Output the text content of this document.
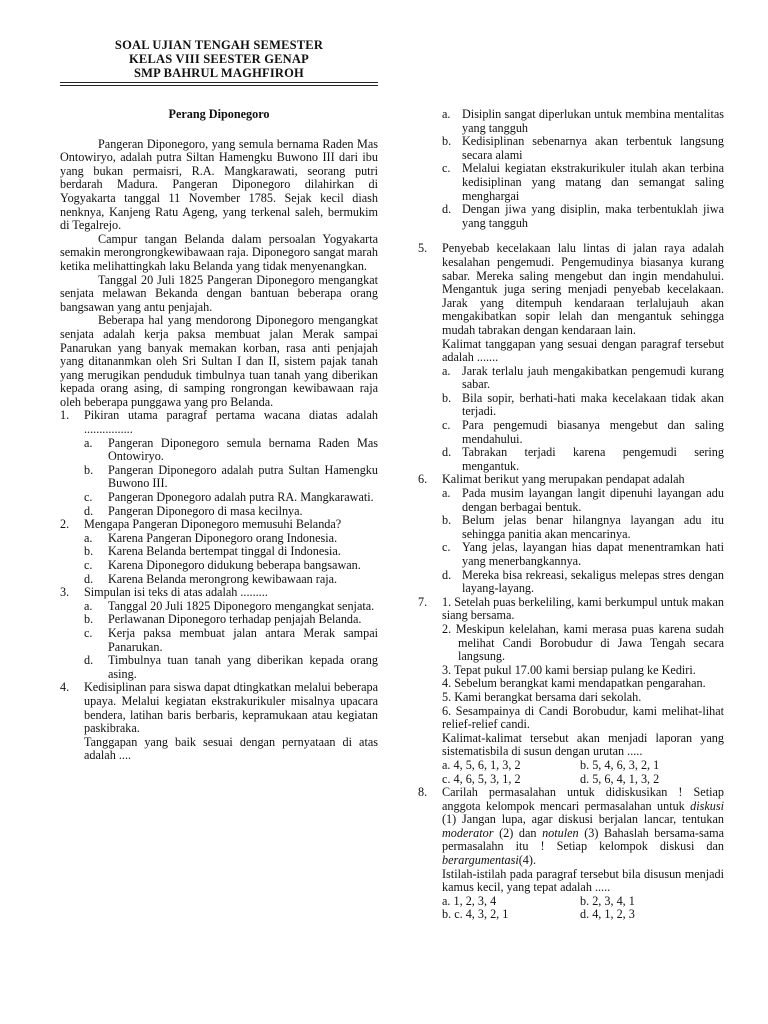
SOAL UJIAN TENGAH SEMESTER
KELAS VIII SEESTER GENAP
SMP BAHRUL MAGHFIROH
Perang Diponegoro

Pangeran Diponegoro, yang semula bernama Raden Mas Ontowiryo, adalah putra Siltan Hamengku Buwono III dari ibu yang bukan permaisri, R.A. Mangkarawati, seorang putri berdarah Madura. Pangeran Diponegoro dilahirkan di Yogyakarta tanggal 11 November 1785. Sejak kecil diash nenknya, Kanjeng Ratu Ageng, yang terkenal saleh, bermukim di Tegalrejo.

Campur tangan Belanda dalam persoalan Yogyakarta semakin merongrongkewibawaan raja. Diponegoro sangat marah ketika melihattingkah laku Belanda yang tidak menyenangkan.

Tanggal 20 Juli 1825 Pangeran Diponegoro mengangkat senjata melawan Bekanda dengan bantuan beberapa orang bangsawan yang antu penjajah.

Beberapa hal yang mendorong Diponegoro mengangkat senjata adalah kerja paksa membuat jalan Merak sampai Panarukan yang banyak memakan korban, rasa anti penjajah yang ditananmkan oleh Sri Sultan I dan II, sistem pajak tanah yang merugikan penduduk timbulnya tuan tanah yang diberikan kepada orang asing, di samping rongrongan kewibawaan raja oleh beberapa punggawa yang pro Belanda.

1. Pikiran utama paragraf pertama wacana diatas adalah ................
a. Pangeran Diponegoro semula bernama Raden Mas Ontowiryo.
b. Pangeran Diponegoro adalah putra Sultan Hamengku Buwono III.
c. Pangeran Dponegoro adalah putra RA. Mangkarawati.
d. Pangeran Diponegoro di masa kecilnya.
2. Mengapa Pangeran Diponegoro memusuhi Belanda?
a. Karena Pangeran Diponegoro orang Indonesia.
b. Karena Belanda bertempat tinggal di Indonesia.
c. Karena Diponegoro didukung beberapa bangsawan.
d. Karena Belanda merongrong kewibawaan raja.
3. Simpulan isi teks di atas adalah .........
a. Tanggal 20 Juli 1825 Diponegoro mengangkat senjata.
b. Perlawanan Diponegoro terhadap penjajah Belanda.
c. Kerja paksa membuat jalan antara Merak sampai Panarukan.
d. Timbulnya tuan tanah yang diberikan kepada orang asing.
4. Kedisiplinan para siswa dapat dtingkatkan melalui beberapa upaya. Melalui kegiatan ekstrakurikuler misalnya upacara bendera, latihan baris berbaris, kepramukaan atau kegiatan paskibraka.
Tanggapan yang baik sesuai dengan pernyataan di atas adalah ....
a. Disiplin sangat diperlukan untuk membina mentalitas yang tangguh
b. Kedisiplinan sebenarnya akan terbentuk langsung secara alami
c. Melalui kegiatan ekstrakurikuler itulah akan terbina kedisiplinan yang matang dan semangat saling menghargai
d. Dengan jiwa yang disiplin, maka terbentuklah jiwa yang tangguh
5. Penyebab kecelakaan lalu lintas di jalan raya adalah kesalahan pengemudi. Pengemudinya biasanya kurang sabar. Mereka saling mengebut dan ingin mendahului. Mengantuk juga sering menjadi penyebab kecelakaan. Jarak yang ditempuh kendaraan terlalujauh akan mengakibatkan sopir lelah dan mengantuk sehingga mudah tabrakan dengan kendaraan lain.
Kalimat tanggapan yang sesuai dengan paragraf tersebut adalah .......
a. Jarak terlalu jauh mengakibatkan pengemudi kurang sabar.
b. Bila sopir, berhati-hati maka kecelakaan tidak akan terjadi.
c. Para pengemudi biasanya mengebut dan saling mendahului.
d. Tabrakan terjadi karena pengemudi sering mengantuk.
6. Kalimat berikut yang merupakan pendapat adalah
a. Pada musim layangan langit dipenuhi layangan adu dengan berbagai bentuk.
b. Belum jelas benar hilangnya layangan adu itu sehingga panitia akan mencarinya.
c. Yang jelas, layangan hias dapat menentramkan hati yang menerbangkannya.
d. Mereka bisa rekreasi, sekaligus melepas stres dengan layang-layang.
7. 1. Setelah puas berkeliling, kami berkumpul untuk makan siang bersama.
2. Meskipun kelelahan, kami merasa puas karena sudah melihat Candi Borobudur di Jawa Tengah secara langsung.
3. Tepat pukul 17.00 kami bersiap pulang ke Kediri.
4. Sebelum berangkat kami mendapatkan pengarahan.
5. Kami berangkat bersama dari sekolah.
6. Sesampainya di Candi Borobudur, kami melihat-lihat relief-relief candi.
Kalimat-kalimat tersebut akan menjadi laporan yang sistematisbila di susun dengan urutan .....
a. 4, 5, 6, 1, 3, 2	b. 5, 4, 6, 3, 2, 1
c. 4, 6, 5, 3, 1, 2	d. 5, 6, 4, 1, 3, 2
8. Carilah permasalahan untuk didiskusikan ! Setiap anggota kelompok mencari permasalahan untuk diskusi (1) Jangan lupa, agar diskusi berjalan lancar, tentukan moderator (2) dan notulen (3) Bahaslah bersama-sama permasalahn itu ! Setiap kelompok diskusi dan berargumentasi(4).
Istilah-istilah pada paragraf tersebut bila disusun menjadi kamus kecil, yang tepat adalah .....
a. 1, 2, 3, 4	b. 2, 3, 4, 1
b. c. 4, 3, 2, 1	d. 4, 1, 2, 3
